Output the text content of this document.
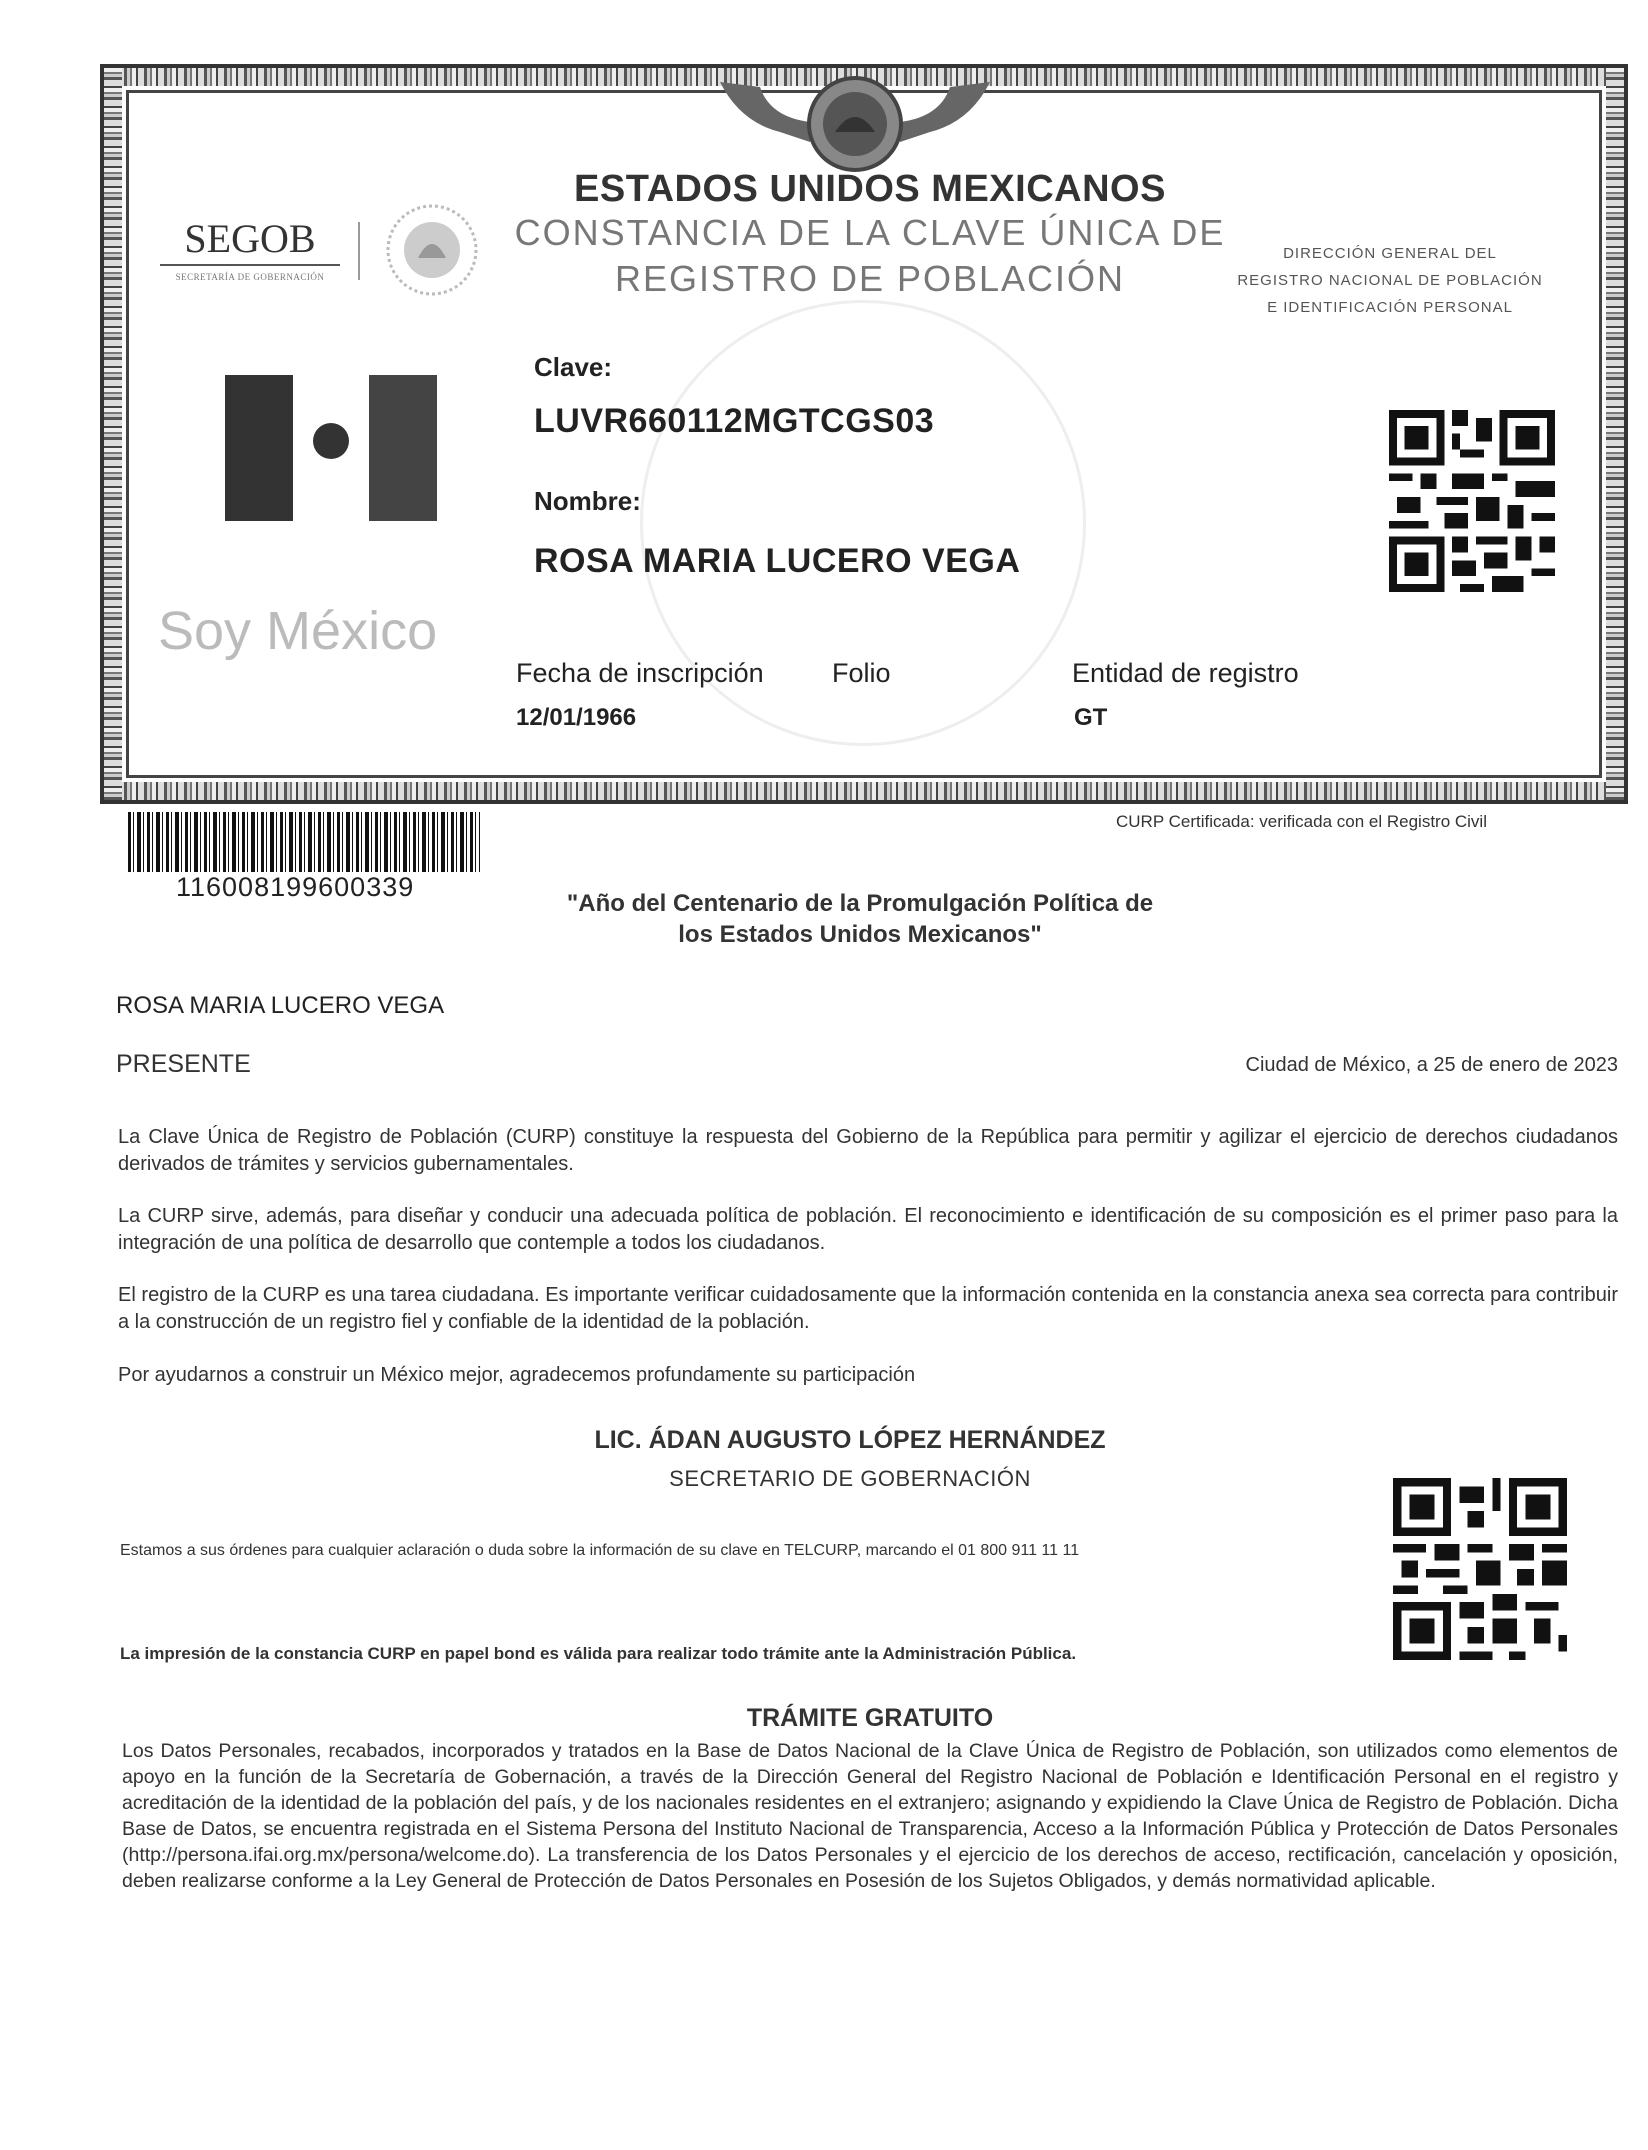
SEGOB
SECRETARÍA DE GOBERNACIÓN
ESTADOS UNIDOS MEXICANOS
CONSTANCIA DE LA CLAVE ÚNICA DE
REGISTRO DE POBLACIÓN
DIRECCIÓN GENERAL DEL
REGISTRO NACIONAL DE POBLACIÓN
E IDENTIFICACIÓN PERSONAL
Soy México
Clave:
LUVR660112MGTCGS03
Nombre:
ROSA MARIA LUCERO VEGA
Fecha de inscripción
12/01/1966
Folio	Entidad de registro
GT
116008199600339
CURP Certificada: verificada con el Registro Civil
"Año del Centenario de la Promulgación Política de
los Estados Unidos Mexicanos"
ROSA MARIA LUCERO VEGA
PRESENTE	Ciudad de México, a 25 de enero de 2023
La Clave Única de Registro de Población (CURP) constituye la respuesta del Gobierno de la República para permitir y agilizar el ejercicio de derechos ciudadanos derivados de trámites y servicios gubernamentales.
La CURP sirve, además, para diseñar y conducir una adecuada política de población. El reconocimiento e identificación de su composición es el primer paso para la integración de una política de desarrollo que contemple a todos los ciudadanos.
El registro de la CURP es una tarea ciudadana. Es importante verificar cuidadosamente que la información contenida en la constancia anexa sea correcta para contribuir a la construcción de un registro fiel y confiable de la identidad de la población.
Por ayudarnos a construir un México mejor, agradecemos profundamente su participación
LIC. ÁDAN AUGUSTO LÓPEZ HERNÁNDEZ
SECRETARIO DE GOBERNACIÓN
Estamos a sus órdenes para cualquier aclaración o duda sobre la información de su clave en TELCURP, marcando el 01 800 911 11 11
La impresión de la constancia CURP en papel bond es válida para realizar todo trámite ante la Administración Pública.
TRÁMITE GRATUITO
Los Datos Personales, recabados, incorporados y tratados en la Base de Datos Nacional de la Clave Única de Registro de Población, son utilizados como elementos de apoyo en la función de la Secretaría de Gobernación, a través de la Dirección General del Registro Nacional de Población e Identificación Personal en el registro y acreditación de la identidad de la población del país, y de los nacionales residentes en el extranjero; asignando y expidiendo la Clave Única de Registro de Población. Dicha Base de Datos, se encuentra registrada en el Sistema Persona del Instituto Nacional de Transparencia, Acceso a la Información Pública y Protección de Datos Personales (http://persona.ifai.org.mx/persona/welcome.do). La transferencia de los Datos Personales y el ejercicio de los derechos de acceso, rectificación, cancelación y oposición, deben realizarse conforme a la Ley General de Protección de Datos Personales en Posesión de los Sujetos Obligados, y demás normatividad aplicable.
